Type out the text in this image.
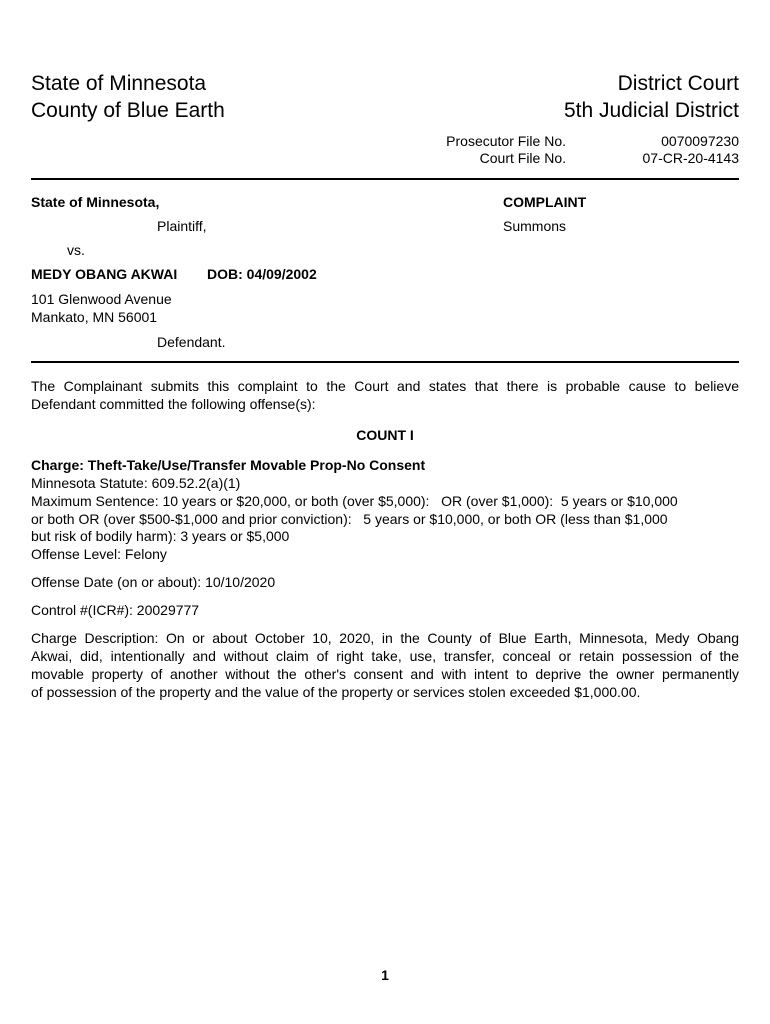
State of Minnesota
County of Blue Earth
District Court
5th Judicial District
Prosecutor File No.	0070097230
Court File No.	07-CR-20-4143
State of Minnesota,
Plaintiff,
vs.
MEDY OBANG AKWAI DOB: 04/09/2002
101 Glenwood Avenue
Mankato, MN 56001
Defendant.
COMPLAINT
Summons
The Complainant submits this complaint to the Court and states that there is probable cause to believe
Defendant committed the following offense(s):
COUNT I
Charge: Theft-Take/Use/Transfer Movable Prop-No Consent
Minnesota Statute: 609.52.2(a)(1)
Maximum Sentence: 10 years or $20,000, or both (over $5,000):   OR (over $1,000):  5 years or $10,000
or both OR (over $500-$1,000 and prior conviction):   5 years or $10,000, or both OR (less than $1,000
but risk of bodily harm): 3 years or $5,000
Offense Level: Felony
Offense Date (on or about): 10/10/2020
Control #(ICR#): 20029777
Charge Description: On or about October 10, 2020, in the County of Blue Earth, Minnesota, Medy Obang
Akwai, did, intentionally and without claim of right take, use, transfer, conceal or retain possession of the
movable property of another without the other's consent and with intent to deprive the owner permanently
of possession of the property and the value of the property or services stolen exceeded $1,000.00.
1
